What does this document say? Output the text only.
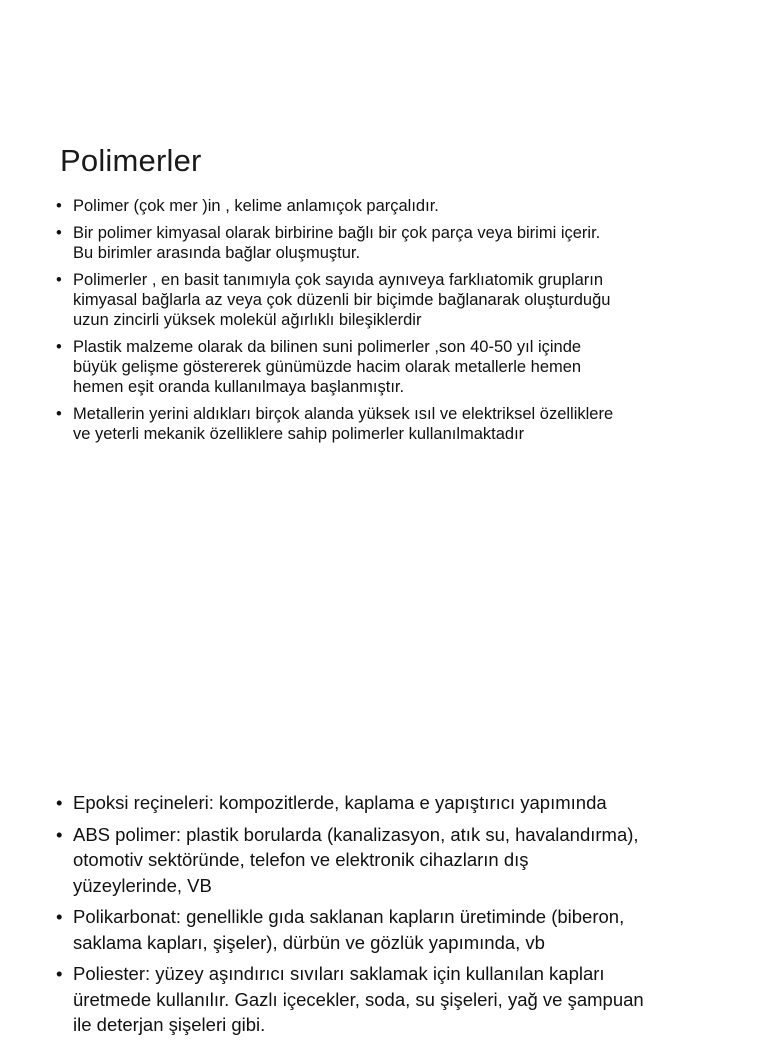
Polimerler
• Polimer (çok mer )in , kelime anlamıçok parçalıdır.
• Bir polimer kimyasal olarak birbirine bağlı bir çok parça veya birimi içerir.
Bu birimler arasında bağlar oluşmuştur.
• Polimerler , en basit tanımıyla çok sayıda aynıveya farklıatomik grupların
kimyasal bağlarla az veya çok düzenli bir biçimde bağlanarak oluşturduğu
uzun zincirli yüksek molekül ağırlıklı bileşiklerdir
• Plastik malzeme olarak da bilinen suni polimerler ,son 40-50 yıl içinde
büyük gelişme göstererek günümüzde hacim olarak metallerle hemen
hemen eşit oranda kullanılmaya başlanmıştır.
• Metallerin yerini aldıkları birçok alanda yüksek ısıl ve elektriksel özelliklere
ve yeterli mekanik özelliklere sahip polimerler kullanılmaktadır
• Epoksi reçineleri: kompozitlerde, kaplama e yapıştırıcı yapımında
• ABS polimer: plastik borularda (kanalizasyon, atık su, havalandırma),
otomotiv sektöründe, telefon ve elektronik cihazların dış
yüzeylerinde, VB
• Polikarbonat: genellikle gıda saklanan kapların üretiminde (biberon,
saklama kapları, şişeler), dürbün ve gözlük yapımında, vb
• Poliester: yüzey aşındırıcı sıvıları saklamak için kullanılan kapları
üretmede kullanılır. Gazlı içecekler, soda, su şişeleri, yağ ve şampuan
ile deterjan şişeleri gibi.
